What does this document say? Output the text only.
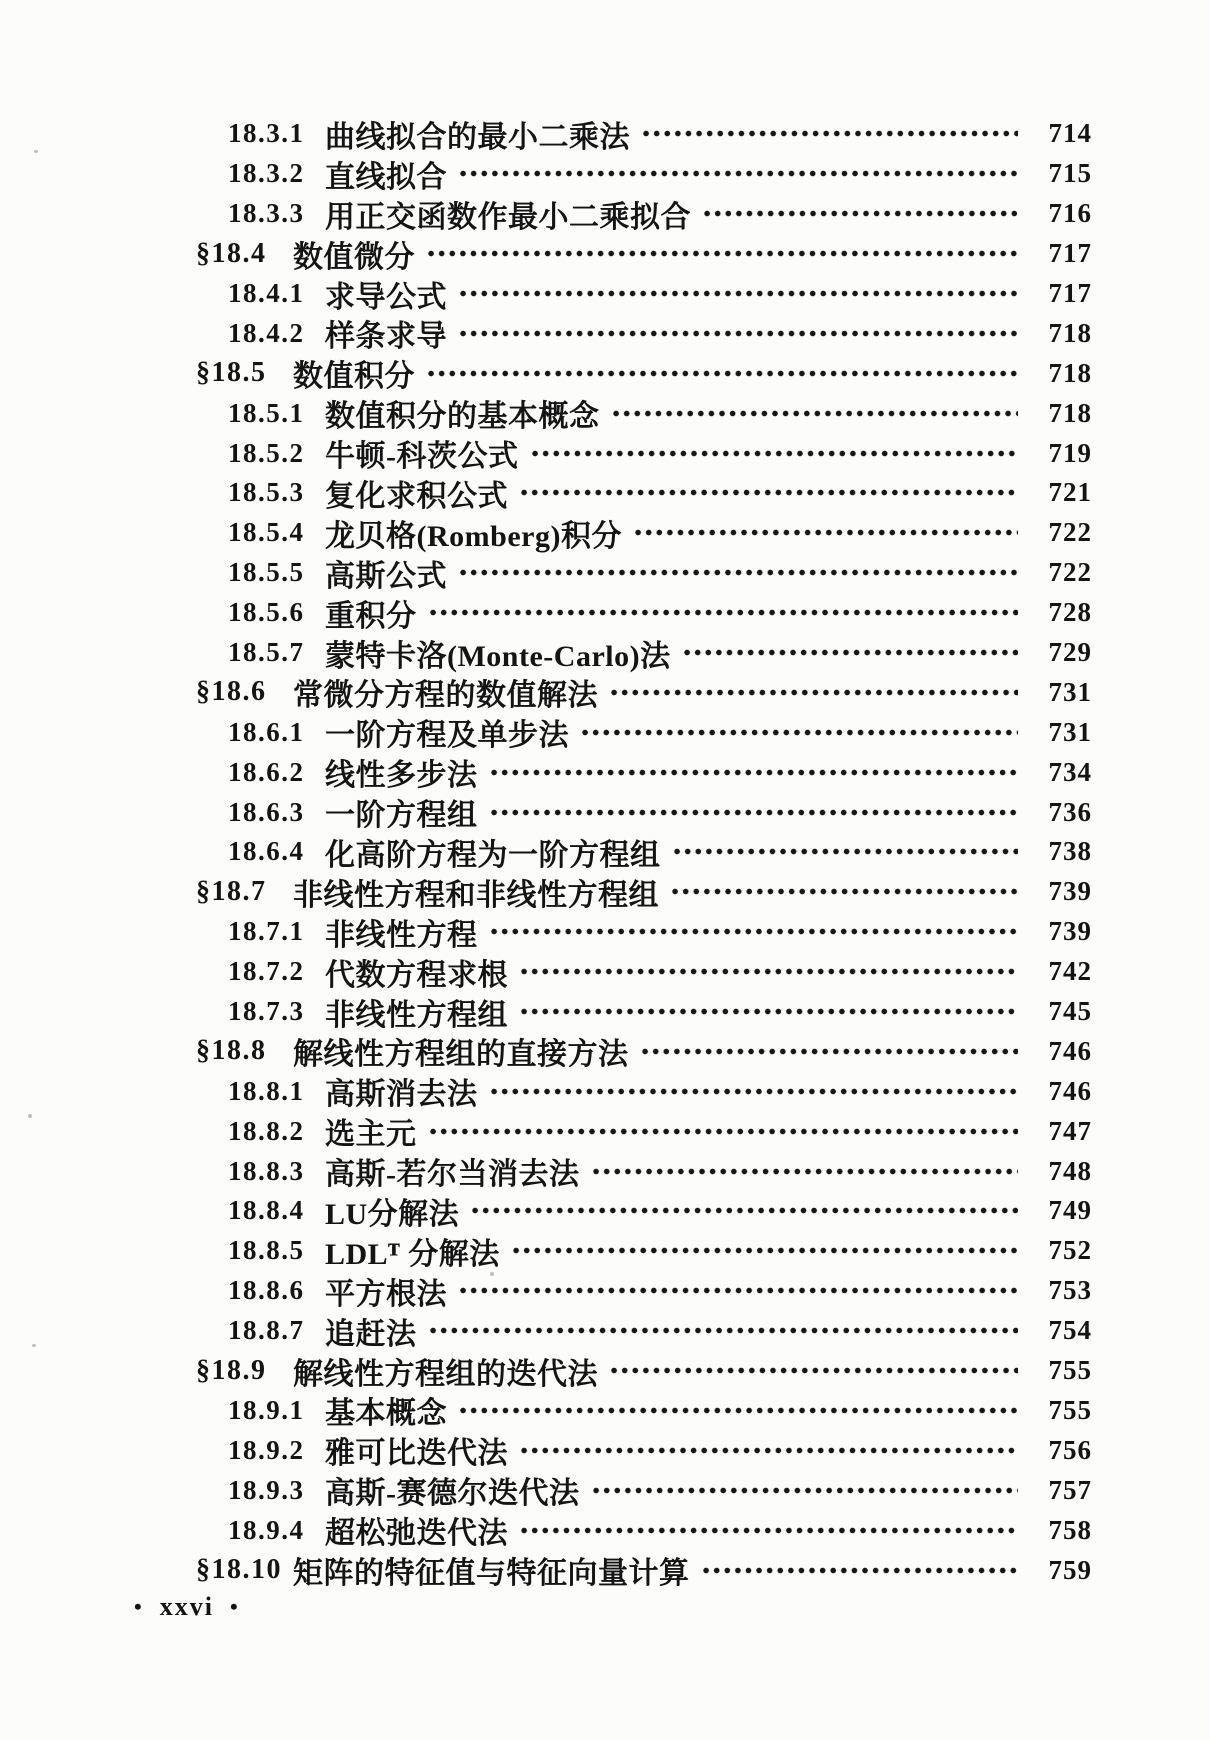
18.3.1 曲线拟合的最小二乘法	714
18.3.2 直线拟合	715
18.3.3 用正交函数作最小二乘拟合	716
§18.4 数值微分	717
18.4.1 求导公式	717
18.4.2 样条求导	718
§18.5 数值积分	718
18.5.1 数值积分的基本概念	718
18.5.2 牛顿-科茨公式	719
18.5.3 复化求积公式	721
18.5.4 龙贝格(Romberg)积分	722
18.5.5 高斯公式	722
18.5.6 重积分	728
18.5.7 蒙特卡洛(Monte-Carlo)法	729
§18.6 常微分方程的数值解法	731
18.6.1 一阶方程及单步法	731
18.6.2 线性多步法	734
18.6.3 一阶方程组	736
18.6.4 化高阶方程为一阶方程组	738
§18.7 非线性方程和非线性方程组	739
18.7.1 非线性方程	739
18.7.2 代数方程求根	742
18.7.3 非线性方程组	745
§18.8 解线性方程组的直接方法	746
18.8.1 高斯消去法	746
18.8.2 选主元	747
18.8.3 高斯-若尔当消去法	748
18.8.4 LU分解法	749
18.8.5 LDLᵀ 分解法	752
18.8.6 平方根法	753
18.8.7 追赶法	754
§18.9 解线性方程组的迭代法	755
18.9.1 基本概念	755
18.9.2 雅可比迭代法	756
18.9.3 高斯-赛德尔迭代法	757
18.9.4 超松弛迭代法	758
§18.10 矩阵的特征值与特征向量计算	759
• xxvi •
